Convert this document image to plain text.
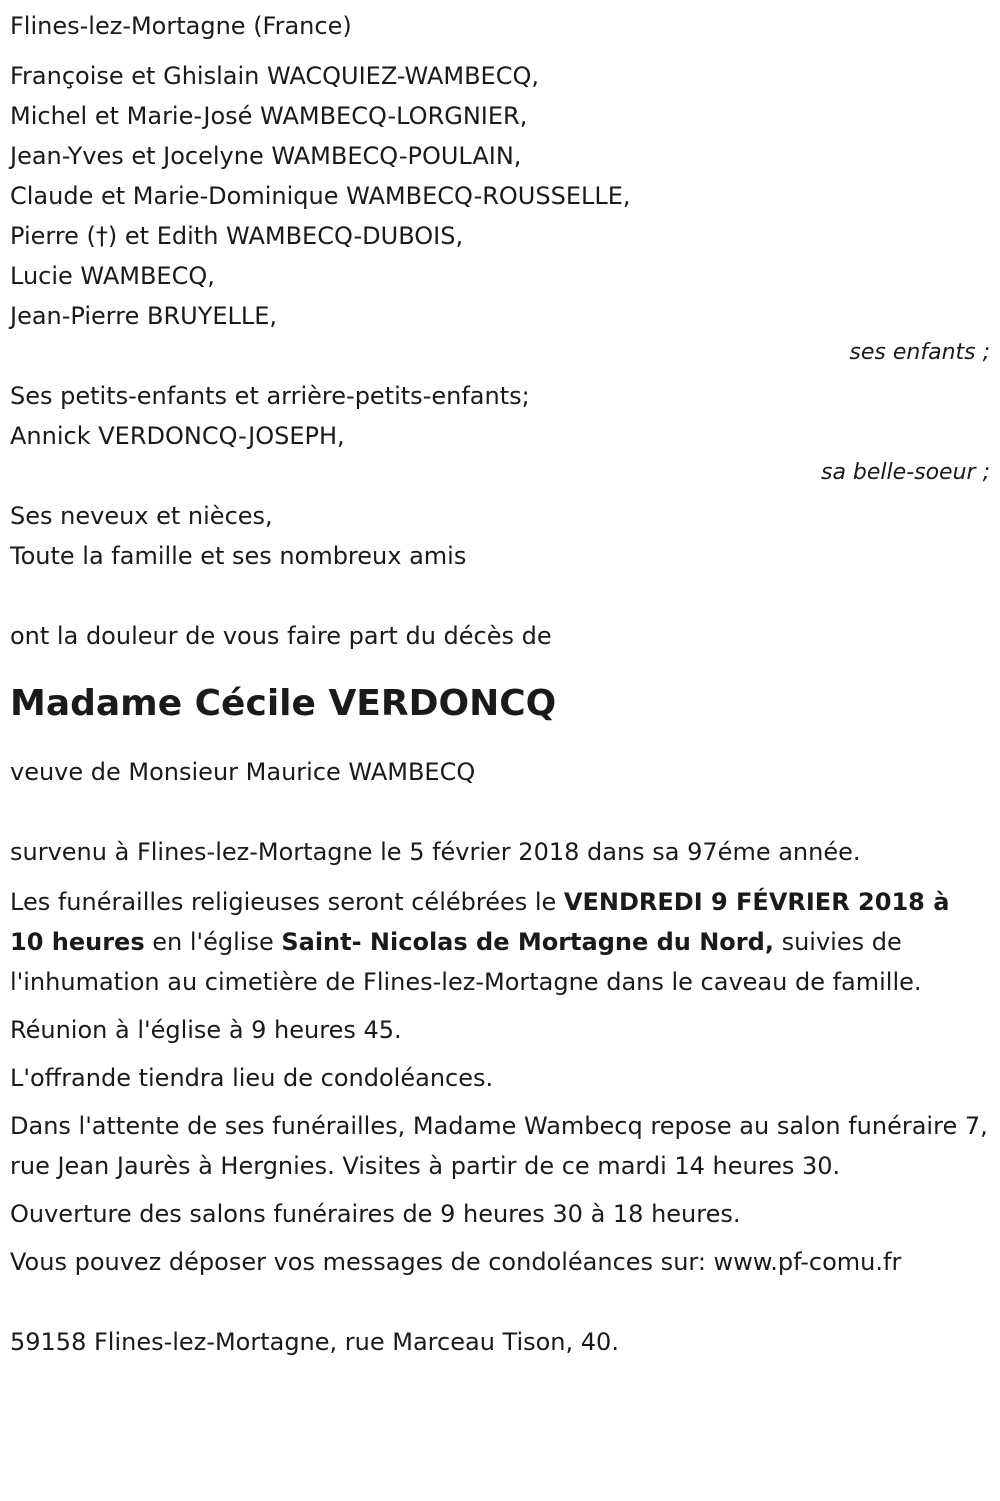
Flines-lez-Mortagne (France)
Françoise et Ghislain WACQUIEZ-WAMBECQ,
Michel et Marie-José WAMBECQ-LORGNIER,
Jean-Yves et Jocelyne WAMBECQ-POULAIN,
Claude et Marie-Dominique WAMBECQ-ROUSSELLE,
Pierre (†) et Edith WAMBECQ-DUBOIS,
Lucie WAMBECQ,
Jean-Pierre BRUYELLE,
ses enfants ;
Ses petits-enfants et arrière-petits-enfants;
Annick VERDONCQ-JOSEPH,
sa belle-soeur ;
Ses neveux et nièces,
Toute la famille et ses nombreux amis
ont la douleur de vous faire part du décès de
Madame Cécile VERDONCQ
veuve de Monsieur Maurice WAMBECQ
survenu à Flines-lez-Mortagne le 5 février 2018 dans sa 97éme année.

Les funérailles religieuses seront célébrées le VENDREDI 9 FÉVRIER 2018 à 10 heures en l'église Saint- Nicolas de Mortagne du Nord, suivies de l'inhumation au cimetière de Flines-lez-Mortagne dans le caveau de famille.

Réunion à l'église à 9 heures 45.

L'offrande tiendra lieu de condoléances.

Dans l'attente de ses funérailles, Madame Wambecq repose au salon funéraire 7, rue Jean Jaurès à Hergnies. Visites à partir de ce mardi 14 heures 30.

Ouverture des salons funéraires de 9 heures 30 à 18 heures.

Vous pouvez déposer vos messages de condoléances sur: www.pf-comu.fr

59158 Flines-lez-Mortagne, rue Marceau Tison, 40.
